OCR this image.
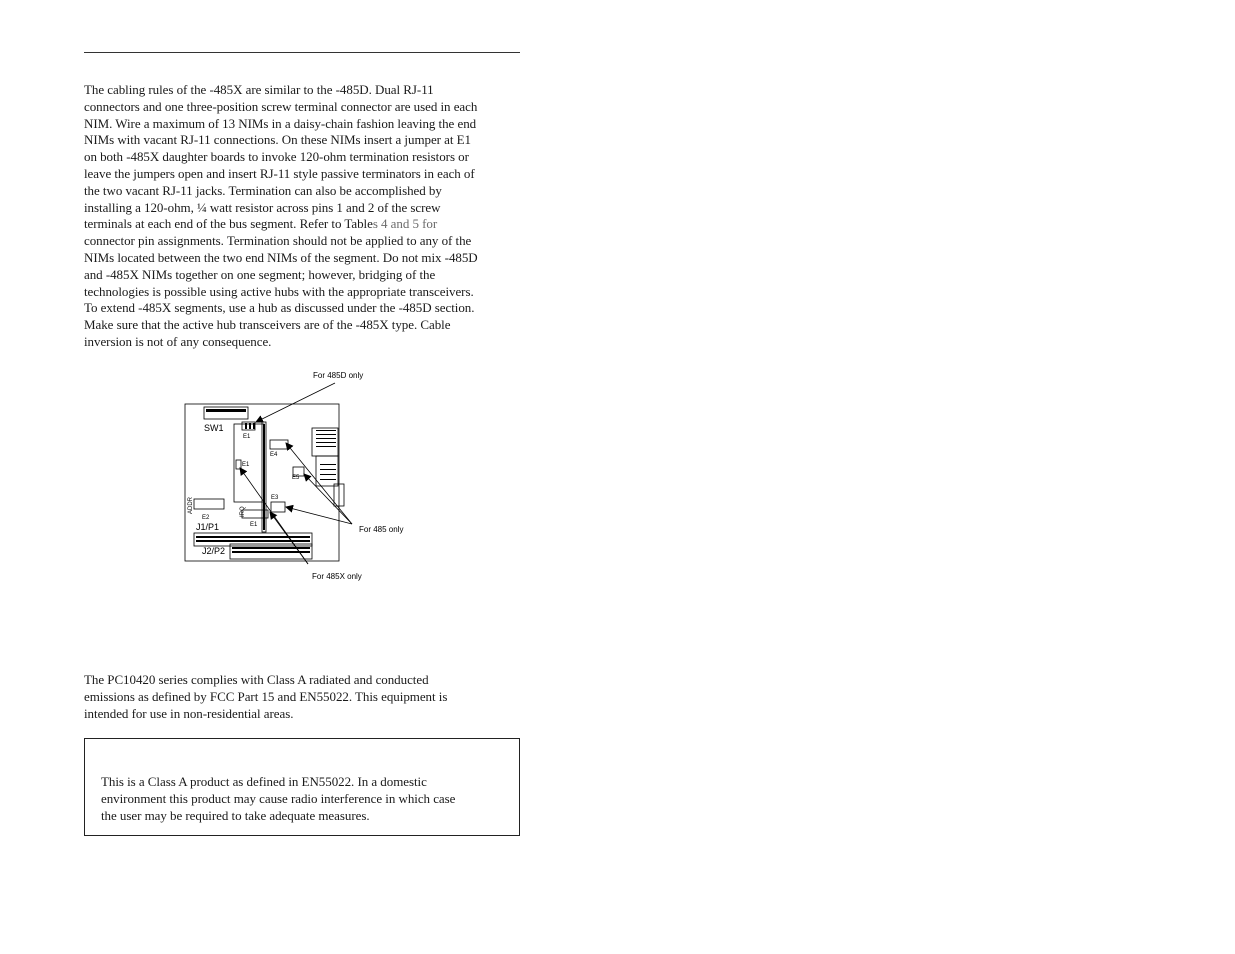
The cabling rules of the -485X are similar to the -485D. Dual RJ-11
connectors and one three-position screw terminal connector are used in each
NIM. Wire a maximum of 13 NIMs in a daisy-chain fashion leaving the end
NIMs with vacant RJ-11 connections. On these NIMs insert a jumper at E1
on both -485X daughter boards to invoke 120-ohm termination resistors or
leave the jumpers open and insert RJ-11 style passive terminators in each of
the two vacant RJ-11 jacks. Termination can also be accomplished by
installing a 120-ohm, ¼ watt resistor across pins 1 and 2 of the screw
terminals at each end of the bus segment. Refer to Tables 4 and 5 for
connector pin assignments. Termination should not be applied to any of the
NIMs located between the two end NIMs of the segment. Do not mix -485D
and -485X NIMs together on one segment; however, bridging of the
technologies is possible using active hubs with the appropriate transceivers.
To extend -485X segments, use a hub as discussed under the -485D section.
Make sure that the active hub transceivers are of the -485X type. Cable
inversion is not of any consequence.

For 485D only
For 485 only
For 485X only
SW1
E1
E1
E1
E2
E3
E4
E5
ADDR	IRQ
J1/P1
J2/P2

The PC10420 series complies with Class A radiated and conducted
emissions as defined by FCC Part 15 and EN55022. This equipment is
intended for use in non-residential areas.

This is a Class A product as defined in EN55022. In a domestic
environment this product may cause radio interference in which case
the user may be required to take adequate measures.
